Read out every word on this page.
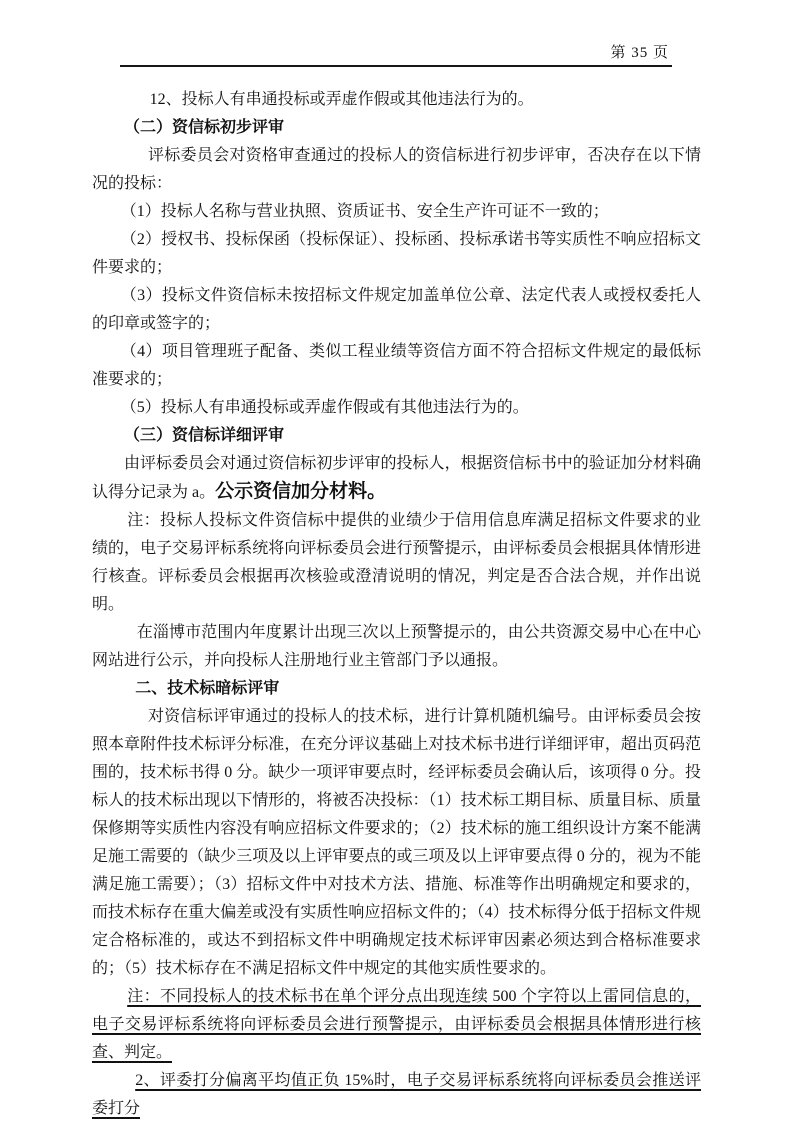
第 35 页

12、投标人有串通投标或弄虚作假或其他违法行为的。

（二）资信标初步评审

评标委员会对资格审查通过的投标人的资信标进行初步评审，否决存在以下情况的投标：

（1）投标人名称与营业执照、资质证书、安全生产许可证不一致的；

（2）授权书、投标保函（投标保证）、投标函、投标承诺书等实质性不响应招标文件要求的；

（3）投标文件资信标未按招标文件规定加盖单位公章、法定代表人或授权委托人的印章或签字的；

（4）项目管理班子配备、类似工程业绩等资信方面不符合招标文件规定的最低标准要求的；

（5）投标人有串通投标或弄虚作假或有其他违法行为的。

（三）资信标详细评审

由评标委员会对通过资信标初步评审的投标人，根据资信标书中的验证加分材料确认得分记录为 a。公示资信加分材料。

注：投标人投标文件资信标中提供的业绩少于信用信息库满足招标文件要求的业绩的，电子交易评标系统将向评标委员会进行预警提示，由评标委员会根据具体情形进行核查。评标委员会根据再次核验或澄清说明的情况，判定是否合法合规，并作出说明。

在淄博市范围内年度累计出现三次以上预警提示的，由公共资源交易中心在中心网站进行公示，并向投标人注册地行业主管部门予以通报。

二、技术标暗标评审

对资信标评审通过的投标人的技术标，进行计算机随机编号。由评标委员会按照本章附件技术标评分标准，在充分评议基础上对技术标书进行详细评审，超出页码范围的，技术标书得 0 分。缺少一项评审要点时，经评标委员会确认后，该项得 0 分。投标人的技术标出现以下情形的，将被否决投标：（1）技术标工期目标、质量目标、质量保修期等实质性内容没有响应招标文件要求的；（2）技术标的施工组织设计方案不能满足施工需要的（缺少三项及以上评审要点的或三项及以上评审要点得 0 分的，视为不能满足施工需要）；（3）招标文件中对技术方法、措施、标准等作出明确规定和要求的，而技术标存在重大偏差或没有实质性响应招标文件的；（4）技术标得分低于招标文件规定合格标准的，或达不到招标文件中明确规定技术标评审因素必须达到合格标准要求的；（5）技术标存在不满足招标文件中规定的其他实质性要求的。

注：不同投标人的技术标书在单个评分点出现连续 500 个字符以上雷同信息的，电子交易评标系统将向评标委员会进行预警提示，由评标委员会根据具体情形进行核查、判定。

2、评委打分偏离平均值正负 15%时，电子交易评标系统将向评标委员会推送评委打分
